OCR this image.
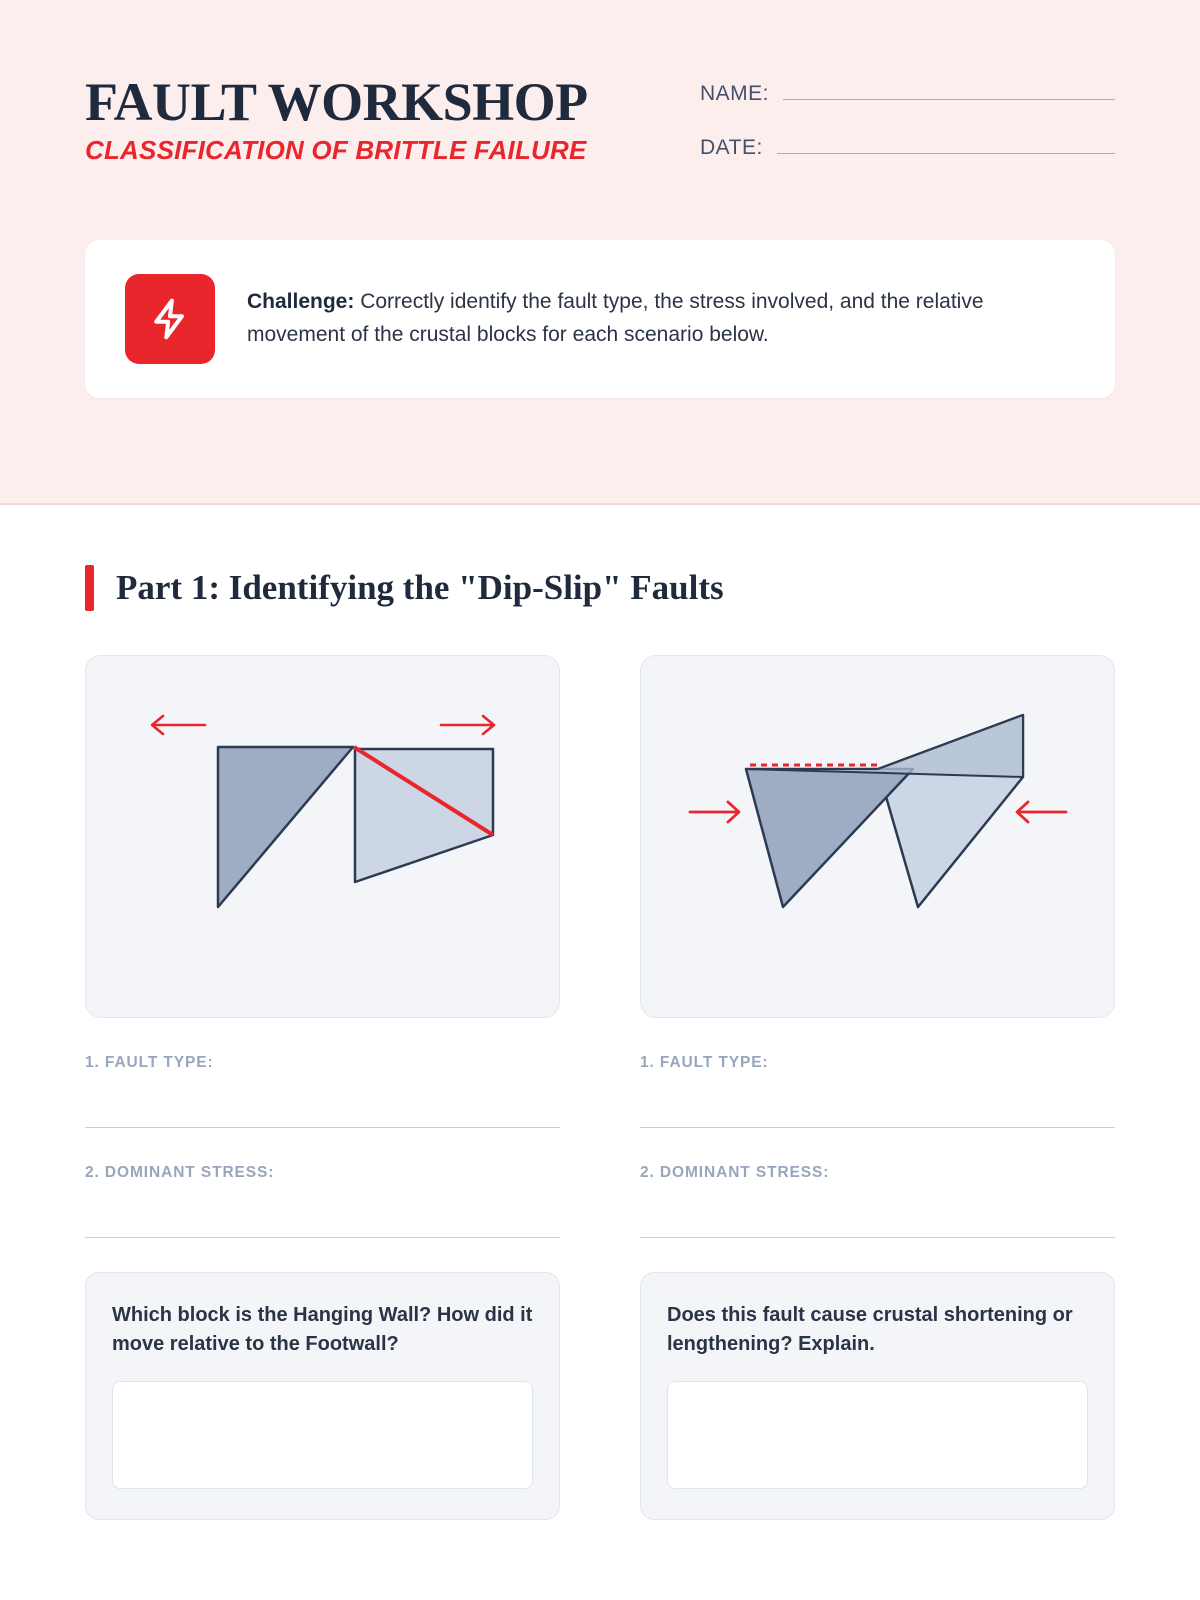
FAULT WORKSHOP

CLASSIFICATION OF BRITTLE FAILURE

NAME:
DATE:
Challenge: Correctly identify the fault type, the stress involved, and the relative movement of the crustal blocks for each scenario below.
Part 1: Identifying the "Dip-Slip" Faults
1. FAULT TYPE:
2. DOMINANT STRESS:

Which block is the Hanging Wall? How did it move relative to the Footwall?

1. FAULT TYPE:
2. DOMINANT STRESS:

Does this fault cause crustal shortening or lengthening? Explain.
